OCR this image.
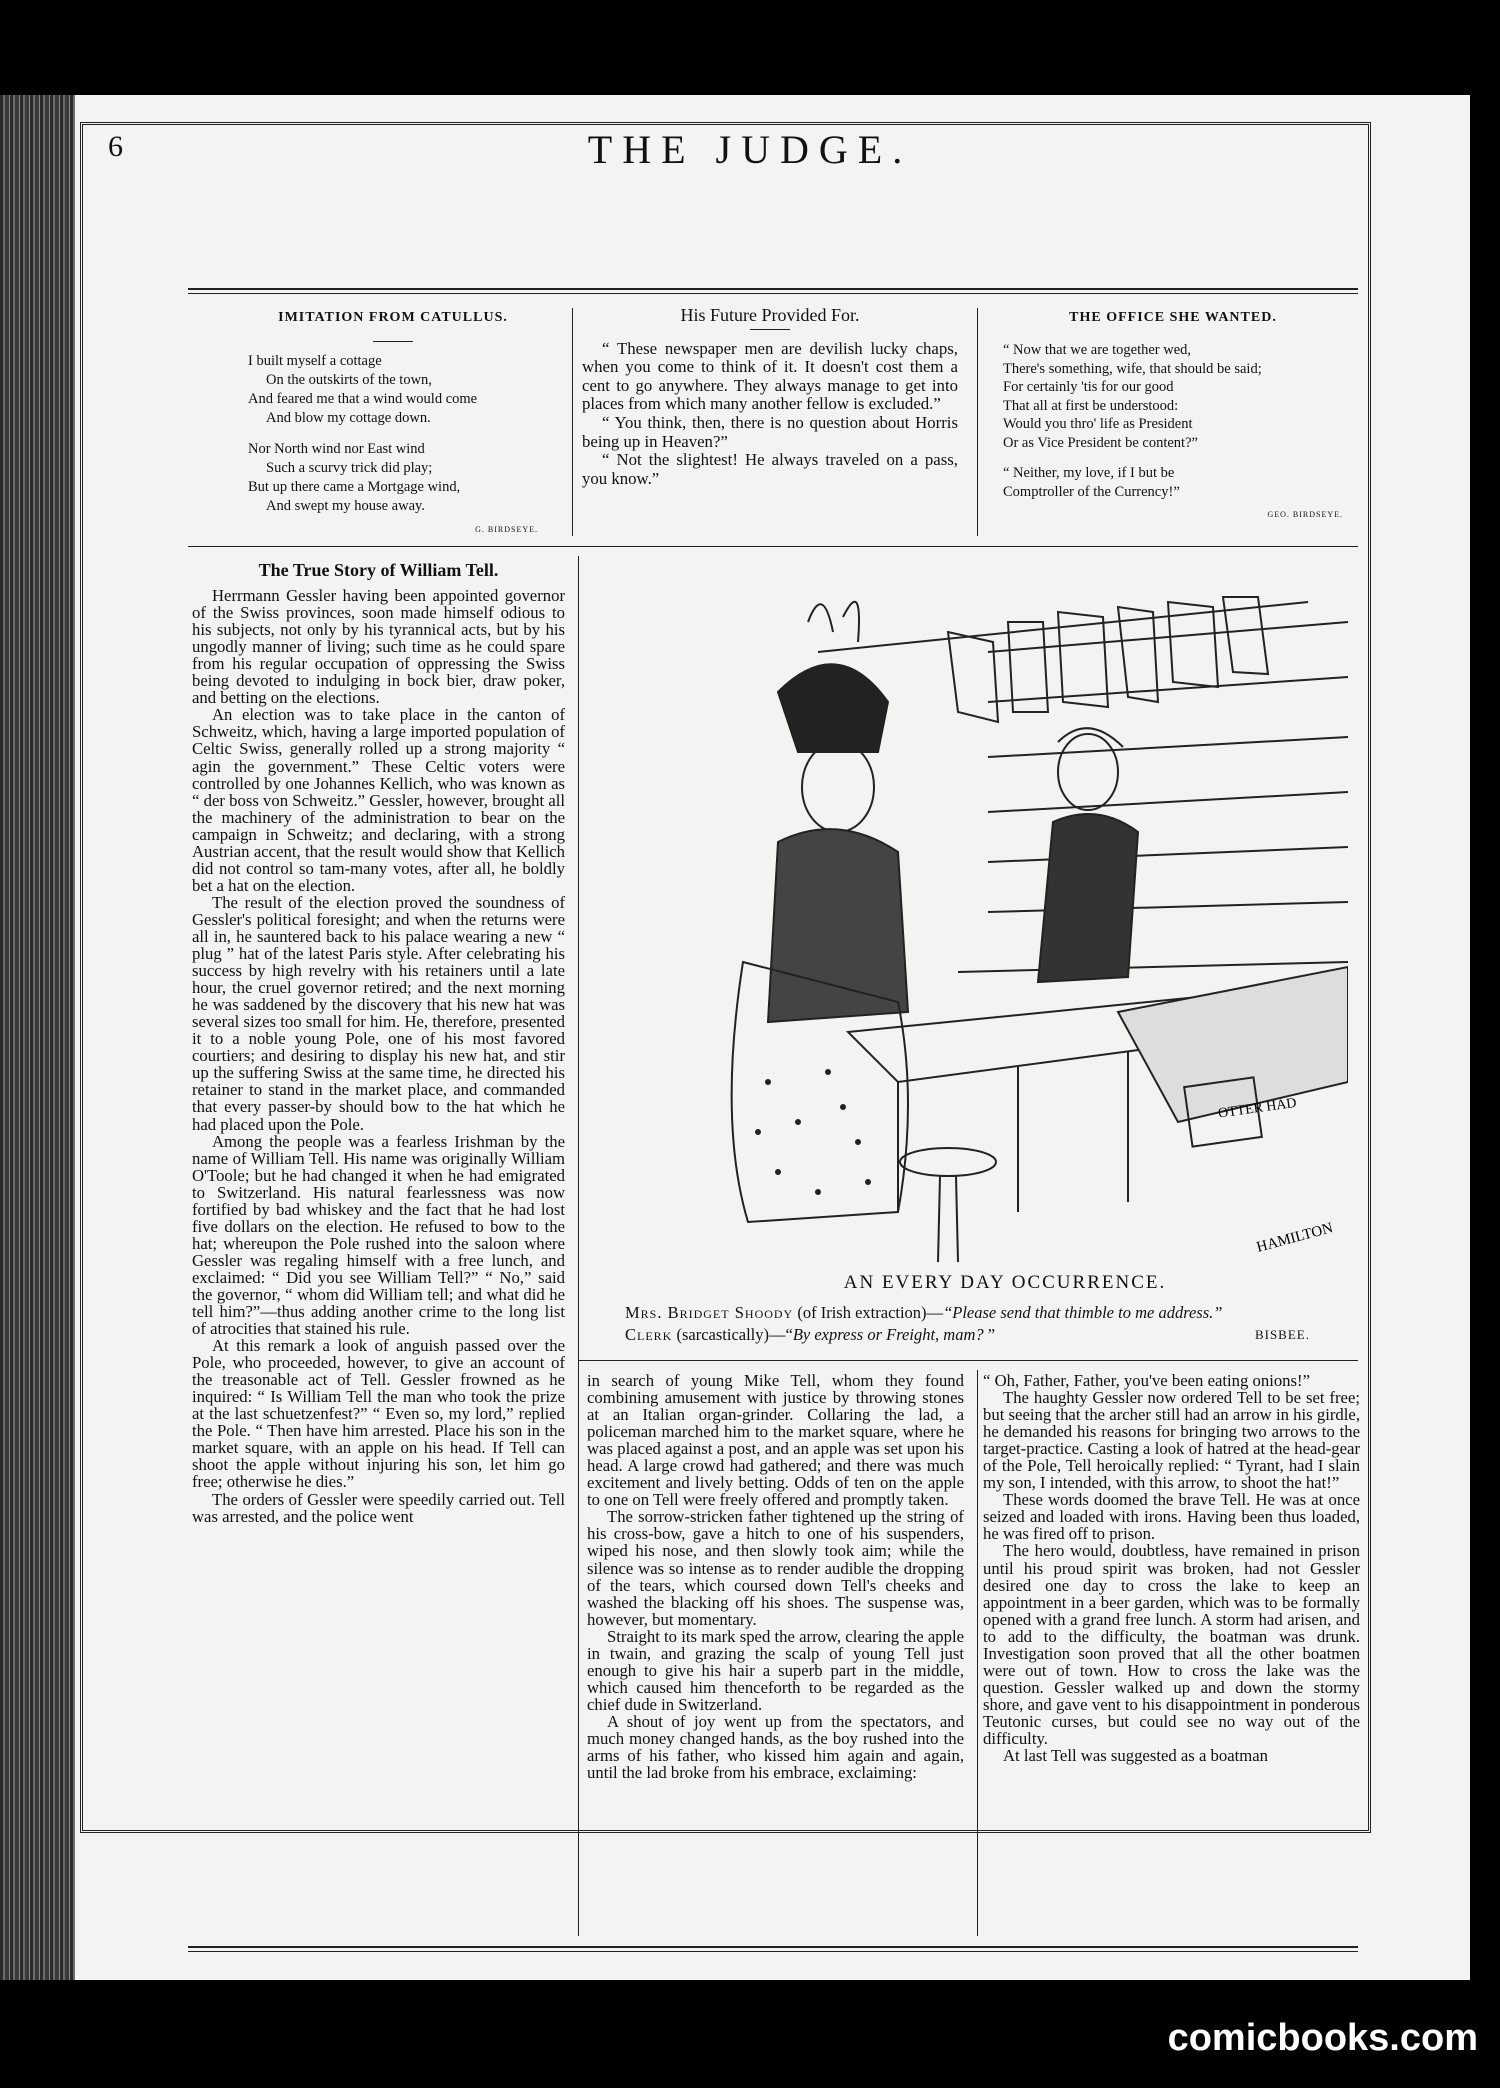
6	THE JUDGE.
IMITATION FROM CATULLUS.
I built myself a cottage
On the outskirts of the town,
And feared me that a wind would come
And blow my cottage down.
Nor North wind nor East wind
Such a scurvy trick did play;
But up there came a Mortgage wind,
And swept my house away.
G. BIRDSEYE.
His Future Provided For.

“ These newspaper men are devilish lucky chaps, when you come to think of it. It doesn't cost them a cent to go anywhere. They always manage to get into places from which many another fellow is excluded.”

“ You think, then, there is no question about Horris being up in Heaven?”

“ Not the slightest! He always traveled on a pass, you know.”

THE OFFICE SHE WANTED.
“ Now that we are together wed,
There's something, wife, that should be said;
For certainly 'tis for our good
That all at first be understood:
Would you thro' life as President
Or as Vice President be content?”
“ Neither, my love, if I but be
Comptroller of the Currency!”
GEO. BIRDSEYE.
The True Story of William Tell.

Herrmann Gessler having been appointed governor of the Swiss provinces, soon made himself odious to his subjects, not only by his tyrannical acts, but by his ungodly manner of living; such time as he could spare from his regular occupation of oppressing the Swiss being devoted to indulging in bock bier, draw poker, and betting on the elections.

An election was to take place in the canton of Schweitz, which, having a large imported population of Celtic Swiss, generally rolled up a strong majority “ agin the government.” These Celtic voters were controlled by one Johannes Kellich, who was known as “ der boss von Schweitz.” Gessler, however, brought all the machinery of the administration to bear on the campaign in Schweitz; and declaring, with a strong Austrian accent, that the result would show that Kellich did not control so tam-many votes, after all, he boldly bet a hat on the election.

The result of the election proved the soundness of Gessler's political foresight; and when the returns were all in, he sauntered back to his palace wearing a new “ plug ” hat of the latest Paris style. After celebrating his success by high revelry with his retainers until a late hour, the cruel governor retired; and the next morning he was saddened by the discovery that his new hat was several sizes too small for him. He, therefore, presented it to a noble young Pole, one of his most favored courtiers; and desiring to display his new hat, and stir up the suffering Swiss at the same time, he directed his retainer to stand in the market place, and commanded that every passer-by should bow to the hat which he had placed upon the Pole.

Among the people was a fearless Irishman by the name of William Tell. His name was originally William O'Toole; but he had changed it when he had emigrated to Switzerland. His natural fearlessness was now fortified by bad whiskey and the fact that he had lost five dollars on the election. He refused to bow to the hat; whereupon the Pole rushed into the saloon where Gessler was regaling himself with a free lunch, and exclaimed: “ Did you see William Tell?” “ No,” said the governor, “ whom did William tell; and what did he tell him?”—thus adding another crime to the long list of atrocities that stained his rule.

At this remark a look of anguish passed over the Pole, who proceeded, however, to give an account of the treasonable act of Tell. Gessler frowned as he inquired: “ Is William Tell the man who took the prize at the last schuetzenfest?” “ Even so, my lord,” replied the Pole. “ Then have him arrested. Place his son in the market square, with an apple on his head. If Tell can shoot the apple without injuring his son, let him go free; otherwise he dies.”

The orders of Gessler were speedily carried out. Tell was arrested, and the police went

OTTER HAD
HAMILTON
AN EVERY DAY OCCURRENCE.
Mrs. Bridget Shoody (of Irish extraction)—“Please send that thimble to me address.”
Clerk (sarcastically)—“By express or Freight, mam? ”	BISBEE.

in search of young Mike Tell, whom they found combining amusement with justice by throwing stones at an Italian organ-grinder. Collaring the lad, a policeman marched him to the market square, where he was placed against a post, and an apple was set upon his head. A large crowd had gathered; and there was much excitement and lively betting. Odds of ten on the apple to one on Tell were freely offered and promptly taken.

The sorrow-stricken father tightened up the string of his cross-bow, gave a hitch to one of his suspenders, wiped his nose, and then slowly took aim; while the silence was so intense as to render audible the dropping of the tears, which coursed down Tell's cheeks and washed the blacking off his shoes. The suspense was, however, but momentary.

Straight to its mark sped the arrow, clearing the apple in twain, and grazing the scalp of young Tell just enough to give his hair a superb part in the middle, which caused him thenceforth to be regarded as the chief dude in Switzerland.

A shout of joy went up from the spectators, and much money changed hands, as the boy rushed into the arms of his father, who kissed him again and again, until the lad broke from his embrace, exclaiming:

“ Oh, Father, Father, you've been eating onions!”

The haughty Gessler now ordered Tell to be set free; but seeing that the archer still had an arrow in his girdle, he demanded his reasons for bringing two arrows to the target-practice. Casting a look of hatred at the head-gear of the Pole, Tell heroically replied: “ Tyrant, had I slain my son, I intended, with this arrow, to shoot the hat!”

These words doomed the brave Tell. He was at once seized and loaded with irons. Having been thus loaded, he was fired off to prison.

The hero would, doubtless, have remained in prison until his proud spirit was broken, had not Gessler desired one day to cross the lake to keep an appointment in a beer garden, which was to be formally opened with a grand free lunch. A storm had arisen, and to add to the difficulty, the boatman was drunk. Investigation soon proved that all the other boatmen were out of town. How to cross the lake was the question. Gessler walked up and down the stormy shore, and gave vent to his disappointment in ponderous Teutonic curses, but could see no way out of the difficulty.

At last Tell was suggested as a boatman

comicbooks.com
